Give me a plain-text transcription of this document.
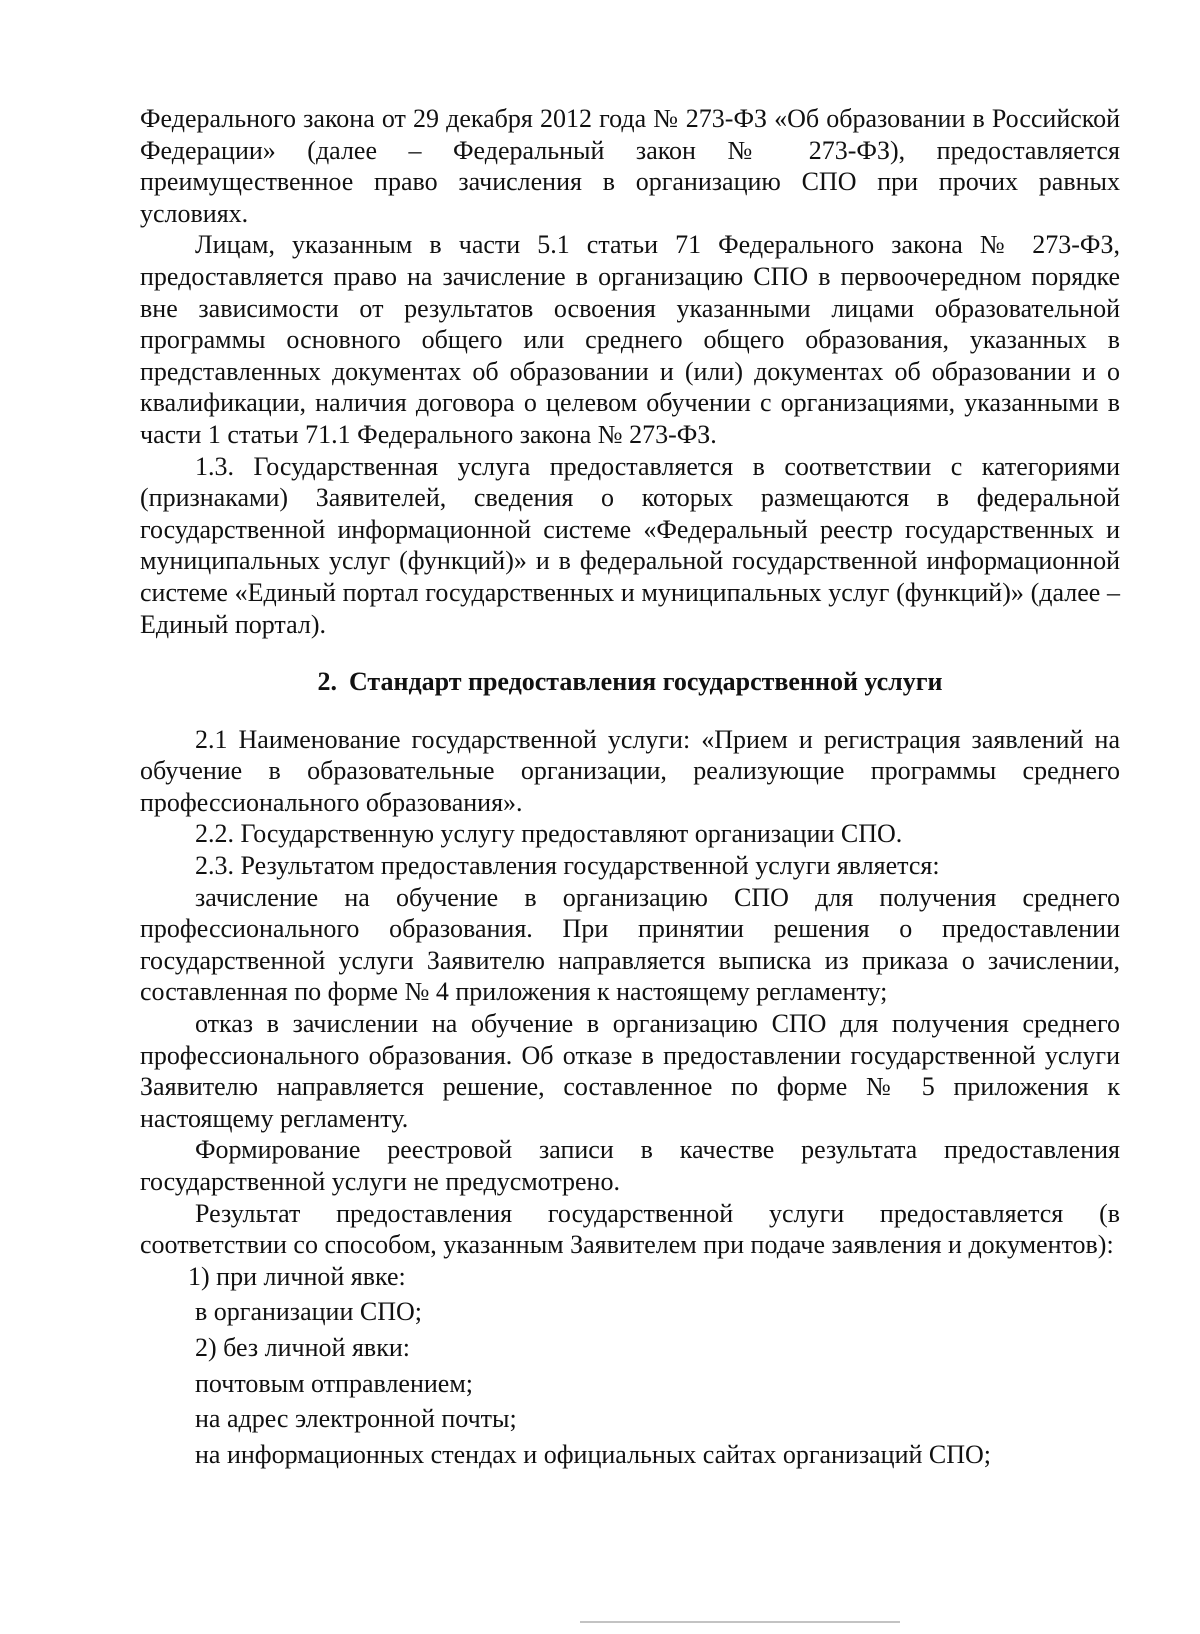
Федерального закона от 29 декабря 2012 года № 273-ФЗ «Об образовании в Российской Федерации» (далее – Федеральный закон № 273-ФЗ), предоставляется преимущественное право зачисления в организацию СПО при прочих равных условиях.

Лицам, указанным в части 5.1 статьи 71 Федерального закона № 273-ФЗ, предоставляется право на зачисление в организацию СПО в первоочередном порядке вне зависимости от результатов освоения указанными лицами образовательной программы основного общего или среднего общего образования, указанных в представленных документах об образовании и (или) документах об образовании и о квалификации, наличия договора о целевом обучении с организациями, указанными в части 1 статьи 71.1 Федерального закона № 273-ФЗ.

1.3. Государственная услуга предоставляется в соответствии с категориями (признаками) Заявителей, сведения о которых размещаются в федеральной государственной информационной системе «Федеральный реестр государственных и муниципальных услуг (функций)» и в федеральной государственной информационной системе «Единый портал государственных и муниципальных услуг (функций)» (далее – Единый портал).

2. Стандарт предоставления государственной услуги

2.1 Наименование государственной услуги: «Прием и регистрация заявлений на обучение в образовательные организации, реализующие программы среднего профессионального образования».

2.2. Государственную услугу предоставляют организации СПО.

2.3. Результатом предоставления государственной услуги является:

зачисление на обучение в организацию СПО для получения среднего профессионального образования. При принятии решения о предоставлении государственной услуги Заявителю направляется выписка из приказа о зачислении, составленная по форме № 4 приложения к настоящему регламенту;

отказ в зачислении на обучение в организацию СПО для получения среднего профессионального образования. Об отказе в предоставлении государственной услуги Заявителю направляется решение, составленное по форме № 5 приложения к настоящему регламенту.

Формирование реестровой записи в качестве результата предоставления государственной услуги не предусмотрено.

Результат предоставления государственной услуги предоставляется (в соответствии со способом, указанным Заявителем при подаче заявления и документов):

1) при личной явке:

в организации СПО;

2) без личной явки:

почтовым отправлением;

на адрес электронной почты;

на информационных стендах и официальных сайтах организаций СПО;
